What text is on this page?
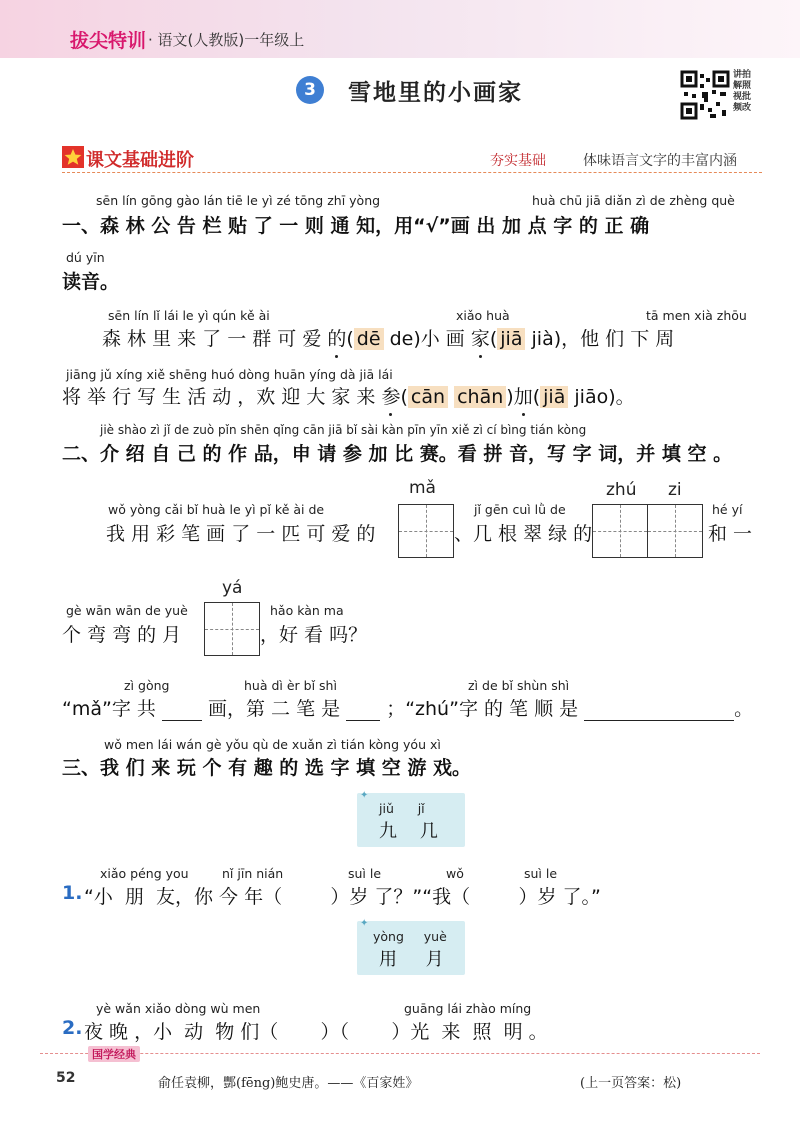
拔尖特训 · 语文(人教版)一年级上
3	雪地里的小画家
讲拍
解照
视批
频改
课文基础进阶	夯实基础	体味语言文字的丰富内涵
sēn lín gōng gào lán tiē le yì zé tōng zhī yòng	huà chū jiā diǎn zì de zhèng què
一、森 林 公 告 栏 贴 了 一 则 通 知，用“√”画 出 加 点 字 的 正 确
dú yīn
读音。
sēn lín lǐ lái le yì qún kě ài	xiǎo huà	tā men xià zhōu
森 林 里 来 了 一 群 可 爱 的( dē de)小 画 家( jiā jià)，他 们 下 周
jiāng jǔ xíng xiě shēng huó dòng huān yíng dà jiā lái
将 举 行 写 生 活 动 ，欢 迎 大 家 来 参( cān chān )加( jiā jiāo)。
jiè shào zì jǐ de zuò pǐn shēn qǐng cān jiā bǐ sài kàn pīn yīn xiě zì cí bìng tián kòng
二、介 绍 自 己 的 作 品，申 请 参 加 比 赛。看 拼 音，写 字 词，并 填 空 。
mǎ	zhú zi
wǒ yòng cǎi bǐ huà le yì pǐ kě ài de	jǐ gēn cuì lǜ de	hé yí
我 用 彩 笔 画 了 一 匹 可 爱 的	、几 根 翠 绿 的	和 一
yá
gè wān wān de yuè	hǎo kàn ma
个 弯 弯 的 月	，好 看 吗？
zì gòng	huà dì èr bǐ shì	zì de bǐ shùn shì
“mǎ”字 共	画，第 二 笔 是 ；“zhú”字 的 笔 顺 是	。
wǒ men lái wán gè yǒu qù de xuǎn zì tián kòng yóu xì
三、我 们 来 玩 个 有 趣 的 选 字 填 空 游 戏。
✦
jiǔ      jǐ
九    几
xiǎo péng you	nǐ jīn nián	suì le	wǒ	suì le
1. “小  朋  友，你 今 年（        ）岁 了？”“我（        ）岁 了。”
✦
yòng     yuè
用     月
yè wǎn xiǎo dòng wù men	guāng lái zhào míng
2. 夜 晚 ，小  动  物 们（       ）（       ）光  来  照  明 。
国学经典
52	俞任袁柳，酆(fēng)鲍史唐。——《百家姓》	(上一页答案：松)
